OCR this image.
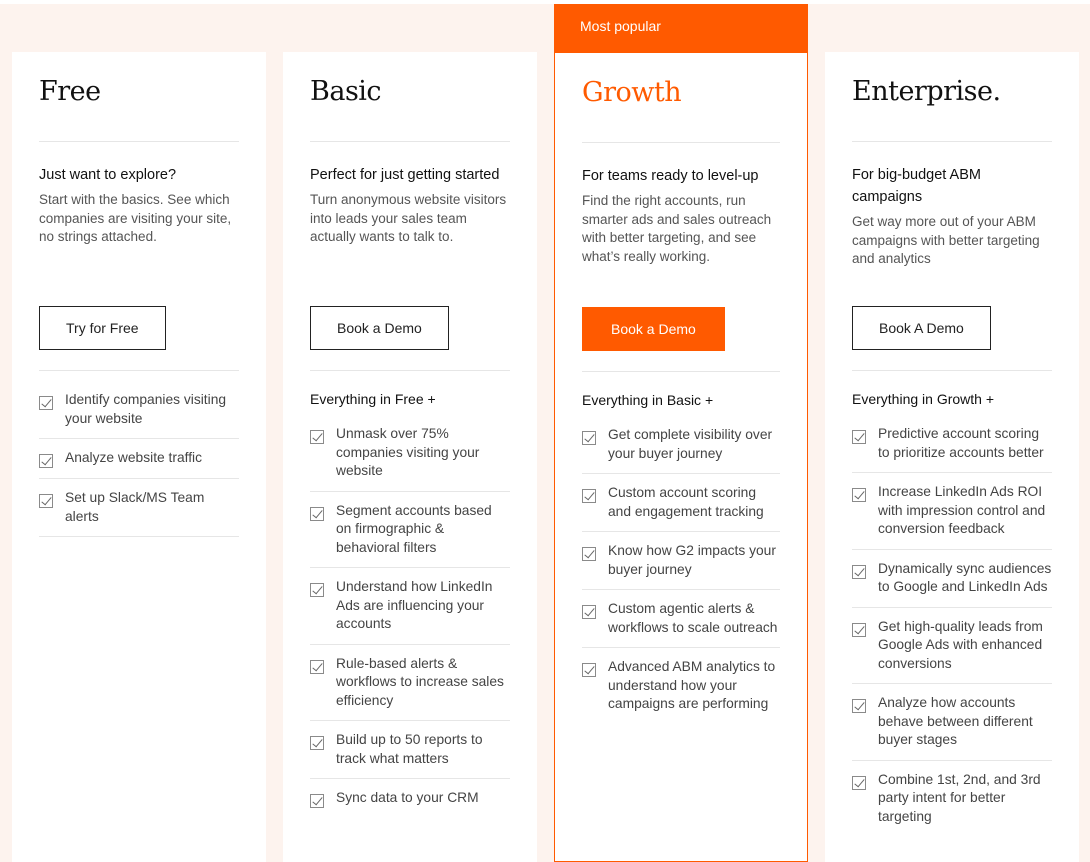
Free
Just want to explore?
Start with the basics. See which companies are visiting your site, no strings attached.
Try for Free
Identify companies visiting your website
Analyze website traffic
Set up Slack/MS Team alerts
Basic
Perfect for just getting started
Turn anonymous website visitors into leads your sales team actually wants to talk to.
Book a Demo
Everything in Free +
Unmask over 75% companies visiting your website
Segment accounts based on firmographic & behavioral filters
Understand how LinkedIn Ads are influencing your accounts
Rule-based alerts & workflows to increase sales efficiency
Build up to 50 reports to track what matters
Sync data to your CRM
Most popular
Growth
For teams ready to level-up
Find the right accounts, run smarter ads and sales outreach with better targeting, and see what’s really working.
Book a Demo
Everything in Basic +
Get complete visibility over your buyer journey
Custom account scoring and engagement tracking
Know how G2 impacts your buyer journey
Custom agentic alerts & workflows to scale outreach
Advanced ABM analytics to understand how your campaigns are performing
Enterprise.
For big-budget ABM campaigns
Get way more out of your ABM campaigns with better targeting and analytics
Book A Demo
Everything in Growth +
Predictive account scoring to prioritize accounts better
Increase LinkedIn Ads ROI with impression control and conversion feedback
Dynamically sync audiences to Google and LinkedIn Ads
Get high-quality leads from Google Ads with enhanced conversions
Analyze how accounts behave between different buyer stages
Combine 1st, 2nd, and 3rd party intent for better targeting
